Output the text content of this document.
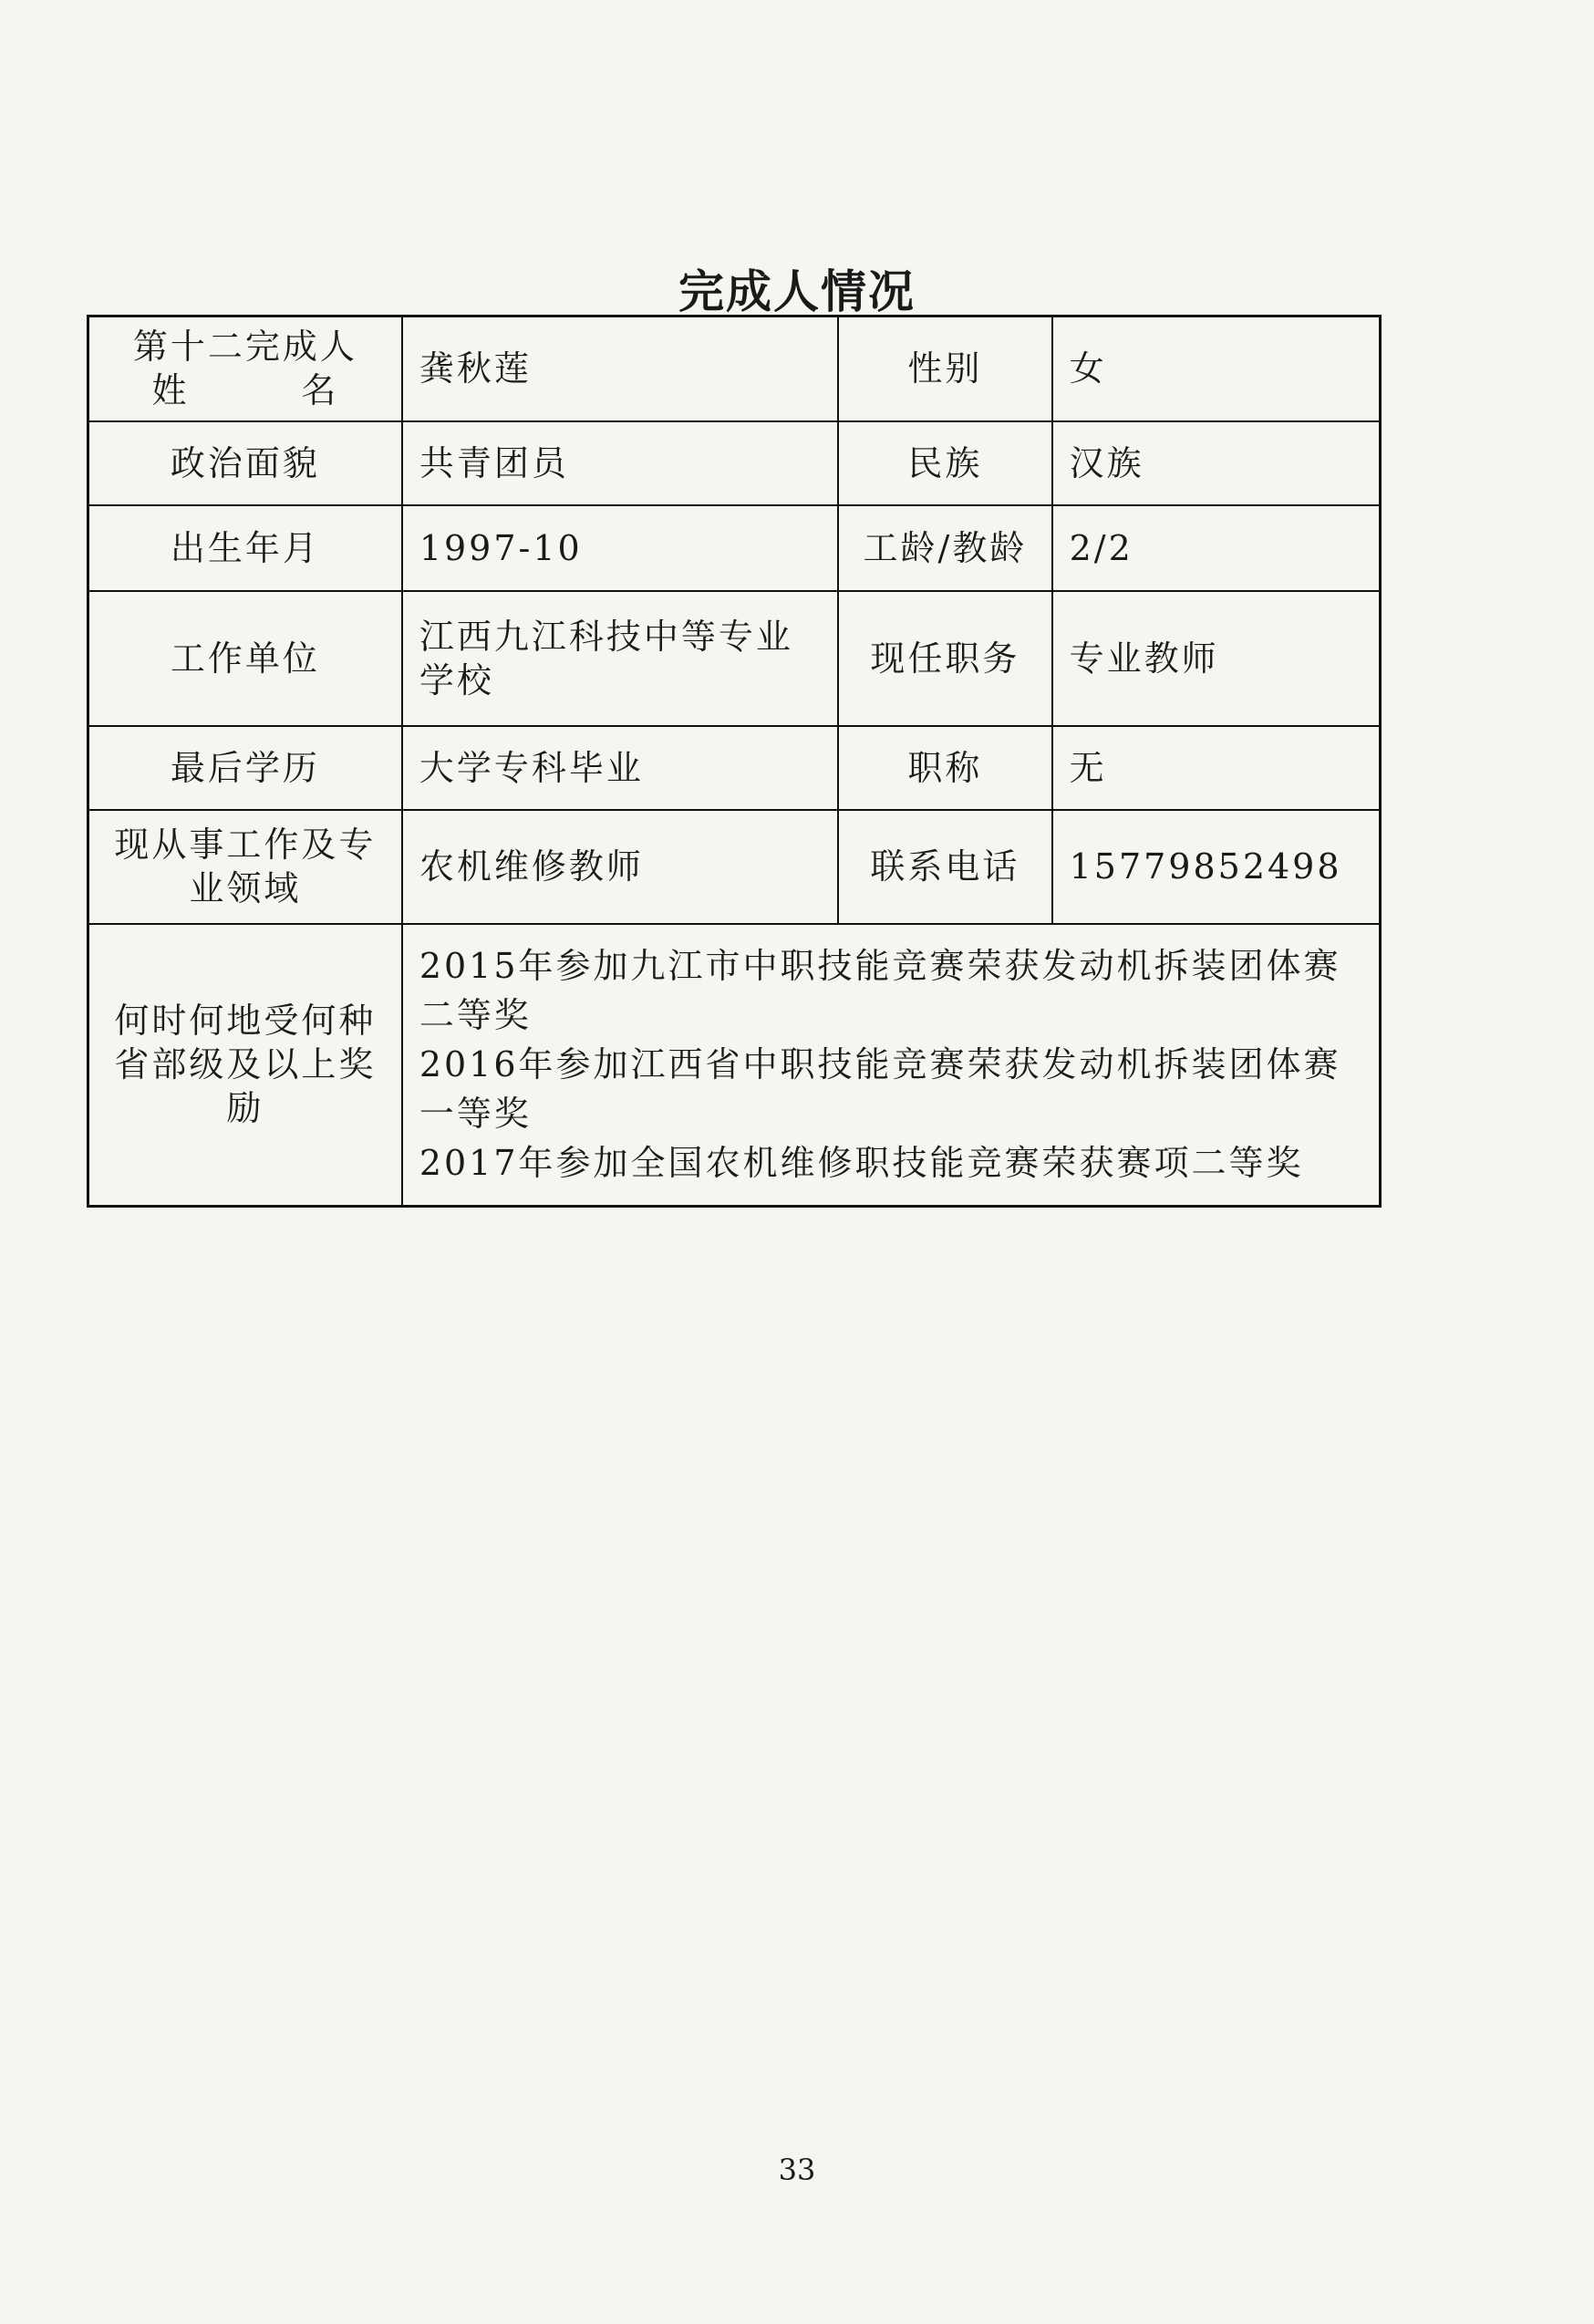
完成人情况
第十二完成人
姓　　　名	龚秋莲	性别	女
政治面貌	共青团员	民族	汉族
出生年月	1997-10	工龄/教龄	2/2
工作单位	江西九江科技中等专业学校	现任职务	专业教师
最后学历	大学专科毕业	职称	无
现从事工作及专业领域	农机维修教师	联系电话	15779852498
何时何地受何种省部级及以上奖励	2015年参加九江市中职技能竞赛荣获发动机拆装团体赛二等奖
2016年参加江西省中职技能竞赛荣获发动机拆装团体赛一等奖
2017年参加全国农机维修职技能竞赛荣获赛项二等奖		
33
